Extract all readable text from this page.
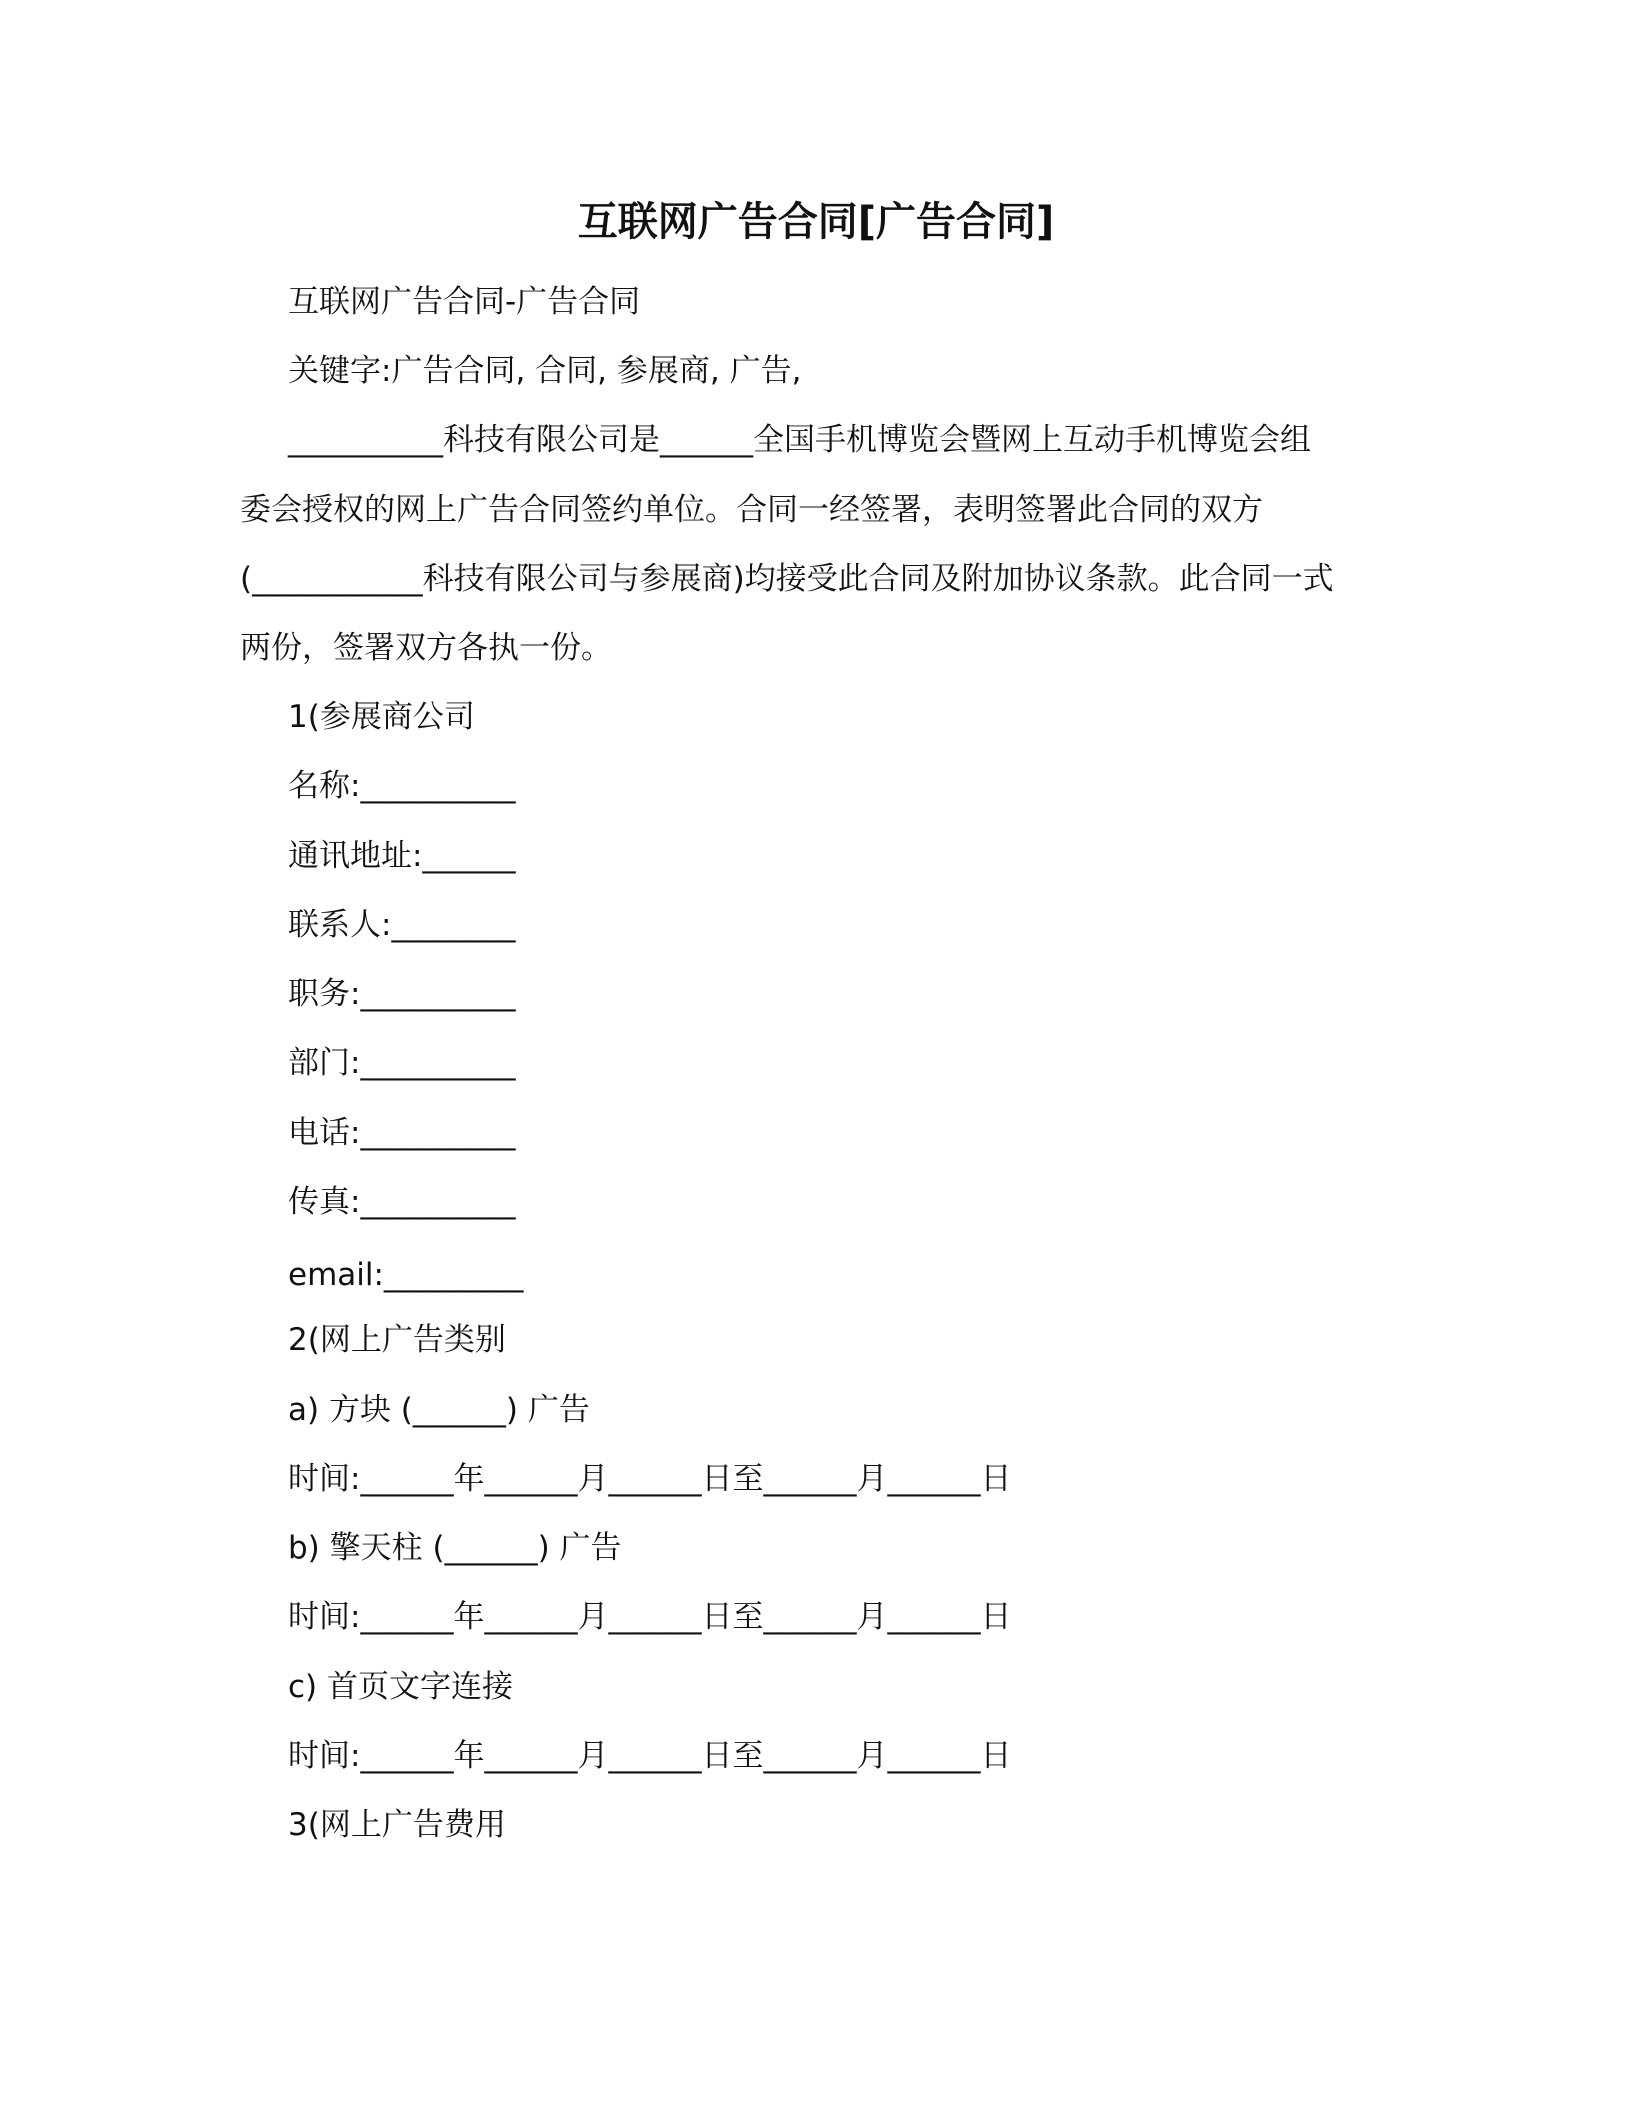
互联网广告合同[广告合同]
互联网广告合同-广告合同
关键字:广告合同, 合同, 参展商, 广告,
__________科技有限公司是______全国手机博览会暨网上互动手机博览会组
委会授权的网上广告合同签约单位。合同一经签署，表明签署此合同的双方
(___________科技有限公司与参展商)均接受此合同及附加协议条款。此合同一式
两份，签署双方各执一份。
1(参展商公司
名称:__________
通讯地址:______
联系人:________
职务:__________
部门:__________
电话:__________
传真:__________
email:_________
2(网上广告类别
a) 方块 (______) 广告
时间:______年______月______日至______月______日
b) 擎天柱 (______) 广告
时间:______年______月______日至______月______日
c) 首页文字连接
时间:______年______月______日至______月______日
3(网上广告费用
